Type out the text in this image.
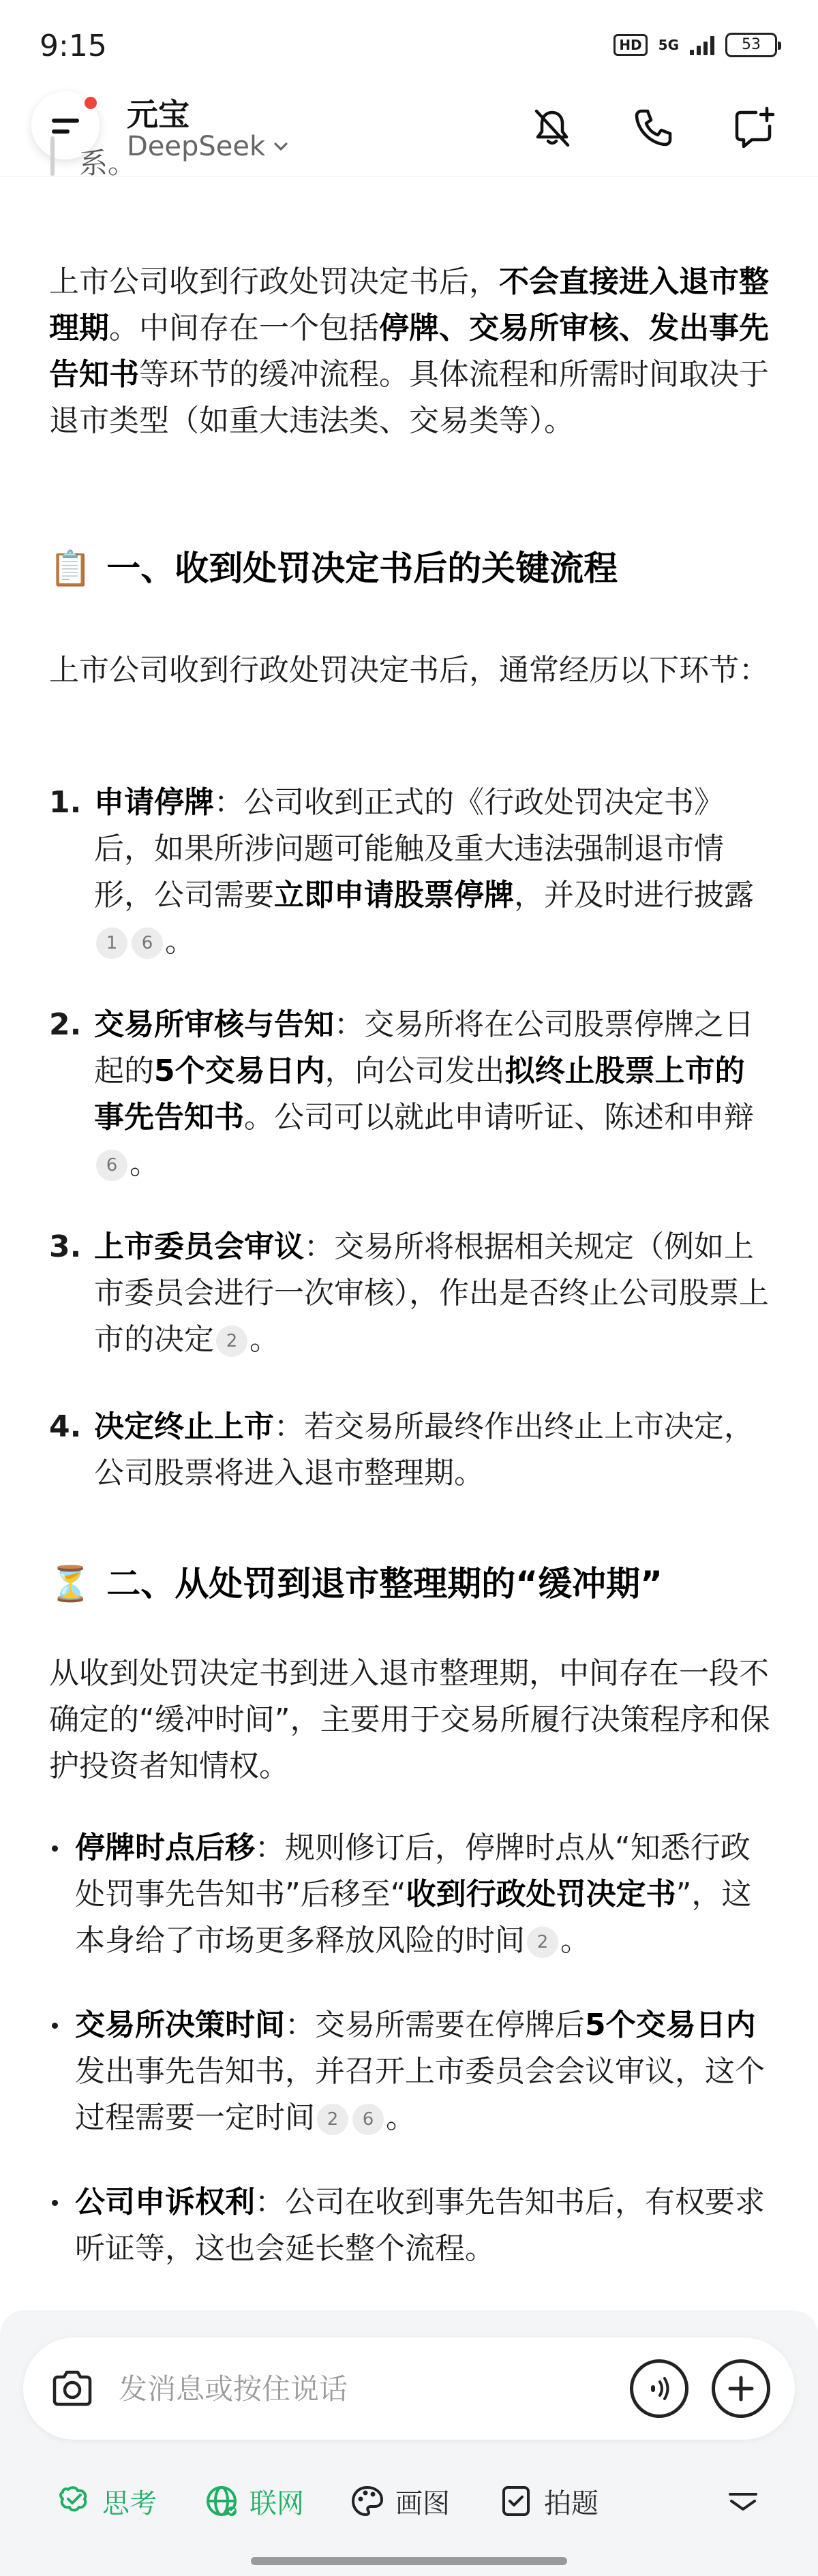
9:15	HD	5G	53
元宝
DeepSeek
系。
上市公司收到行政处罚决定书后，不会直接进入退市整理期。中间存在一个包括停牌、交易所审核、发出事先告知书等环节的缓冲流程。具体流程和所需时间取决于退市类型（如重大违法类、交易类等）。
📋 一、收到处罚决定书后的关键流程
上市公司收到行政处罚决定书后，通常经历以下环节：
1. 申请停牌：公司收到正式的《行政处罚决定书》后，如果所涉问题可能触及重大违法强制退市情形，公司需要立即申请股票停牌，并及时进行披露1 6 。
2. 交易所审核与告知：交易所将在公司股票停牌之日起的5个交易日内，向公司发出拟终止股票上市的事先告知书。公司可以就此申请听证、陈述和申辩6 。
3. 上市委员会审议：交易所将根据相关规定（例如上市委员会进行一次审核），作出是否终止公司股票上市的决定 2 。
4. 决定终止上市：若交易所最终作出终止上市决定，公司股票将进入退市整理期。
⏳ 二、从处罚到退市整理期的“缓冲期”
从收到处罚决定书到进入退市整理期，中间存在一段不确定的“缓冲时间”，主要用于交易所履行决策程序和保护投资者知情权。
停牌时点后移：规则修订后，停牌时点从“知悉行政处罚事先告知书”后移至“收到行政处罚决定书”，这本身给了市场更多释放风险的时间 2 。
交易所决策时间：交易所需要在停牌后5个交易日内发出事先告知书，并召开上市委员会会议审议，这个过程需要一定时间 2 6 。
公司申诉权利：公司在收到事先告知书后，有权要求听证等，这也会延长整个流程。
发消息或按住说话
思考	联网	画图	拍题
